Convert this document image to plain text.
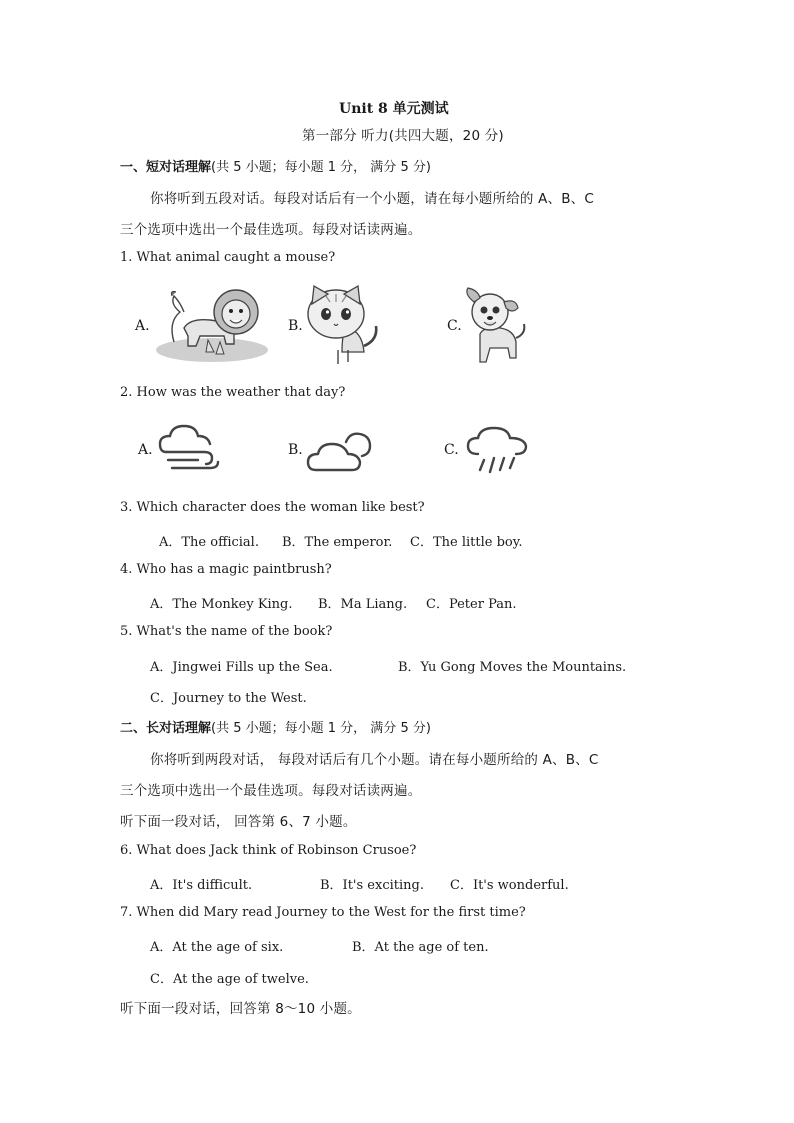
Unit 8 单元测试
第一部分 听力(共四大题，20 分)
一、短对话理解(共 5 小题；每小题 1 分， 满分 5 分)
你将听到五段对话。每段对话后有一个小题，请在每小题所给的 A、B、C
三个选项中选出一个最佳选项。每段对话读两遍。
1. What animal caught a mouse?
A.	B.	C.
2. How was the weather that day?
A.	B.	C.
3. Which character does the woman like best?
A．The official. B．The emperor. C．The little boy.
4. Who has a magic paintbrush?
A．The Monkey King. B．Ma Liang. C．Peter Pan.
5. What's the name of the book?
A．Jingwei Fills up the Sea.	B．Yu Gong Moves the Mountains.
C．Journey to the West.
二、长对话理解(共 5 小题；每小题 1 分， 满分 5 分)
你将听到两段对话， 每段对话后有几个小题。请在每小题所给的 A、B、C
三个选项中选出一个最佳选项。每段对话读两遍。
听下面一段对话， 回答第 6、7 小题。
6. What does Jack think of Robinson Crusoe?
A．It's difficult.	B．It's exciting. C．It's wonderful.
7. When did Mary read Journey to the West for the first time?
A．At the age of six.	B．At the age of ten.
C．At the age of twelve.
听下面一段对话，回答第 8～10 小题。
